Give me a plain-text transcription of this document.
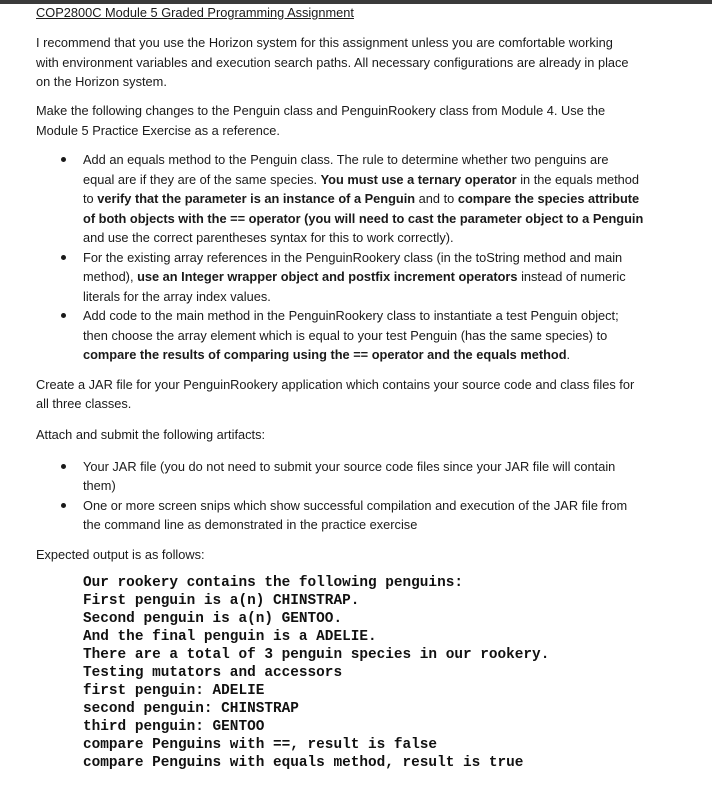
COP2800C Module 5 Graded Programming Assignment
I recommend that you use the Horizon system for this assignment unless you are comfortable working
with environment variables and execution search paths. All necessary configurations are already in place
on the Horizon system.
Make the following changes to the Penguin class and PenguinRookery class from Module 4. Use the
Module 5 Practice Exercise as a reference.
Add an equals method to the Penguin class. The rule to determine whether two penguins are
equal are if they are of the same species. You must use a ternary operator in the equals method
to verify that the parameter is an instance of a Penguin and to compare the species attribute
of both objects with the == operator (you will need to cast the parameter object to a Penguin
and use the correct parentheses syntax for this to work correctly).
For the existing array references in the PenguinRookery class (in the toString method and main
method), use an Integer wrapper object and postfix increment operators instead of numeric
literals for the array index values.
Add code to the main method in the PenguinRookery class to instantiate a test Penguin object;
then choose the array element which is equal to your test Penguin (has the same species) to
compare the results of comparing using the == operator and the equals method.
Create a JAR file for your PenguinRookery application which contains your source code and class files for
all three classes.
Attach and submit the following artifacts:
Your JAR file (you do not need to submit your source code files since your JAR file will contain
them)
One or more screen snips which show successful compilation and execution of the JAR file from
the command line as demonstrated in the practice exercise
Expected output is as follows:
Our rookery contains the following penguins:
First penguin is a(n) CHINSTRAP.
Second penguin is a(n) GENTOO.
And the final penguin is a ADELIE.
There are a total of 3 penguin species in our rookery.
Testing mutators and accessors
first penguin: ADELIE
second penguin: CHINSTRAP
third penguin: GENTOO
compare Penguins with ==, result is false
compare Penguins with equals method, result is true
